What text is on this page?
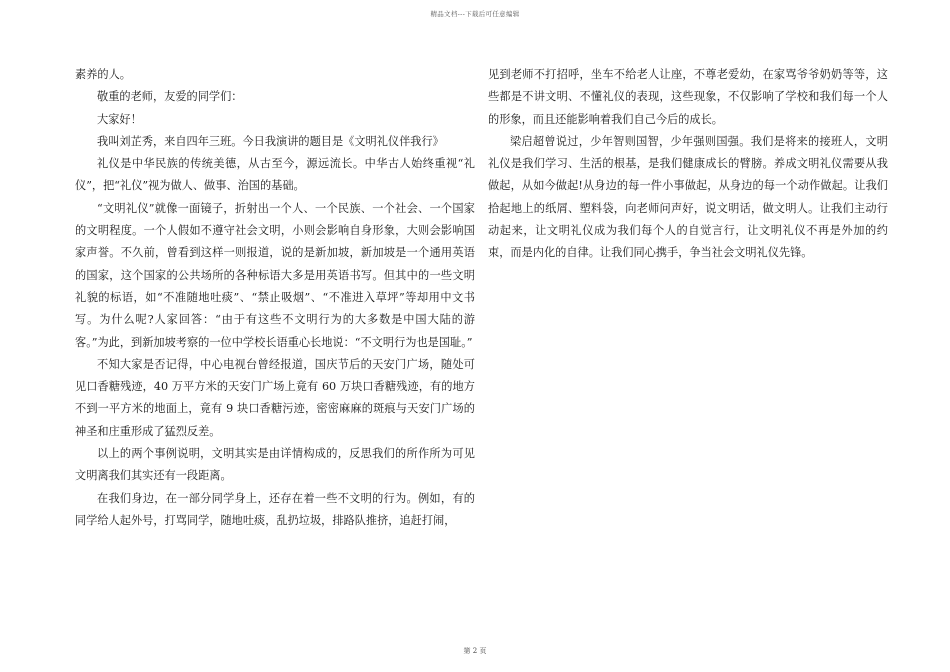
精品文档---下载后可任意编辑

素养的人。

敬重的老师，友爱的同学们：

大家好！

我叫刘芷秀，来自四年三班。今日我演讲的题目是《文明礼仪伴我行》

礼仪是中华民族的传统美德，从古至今，源远流长。中华古人始终重视“礼仪”，把“礼仪”视为做人、做事、治国的基础。

“文明礼仪”就像一面镜子，折射出一个人、一个民族、一个社会、一个国家的文明程度。一个人假如不遵守社会文明，小则会影响自身形象，大则会影响国家声誉。不久前，曾看到这样一则报道，说的是新加坡，新加坡是一个通用英语的国家，这个国家的公共场所的各种标语大多是用英语书写。但其中的一些文明礼貌的标语，如“不准随地吐痰”、“禁止吸烟”、“不准进入草坪”等却用中文书写。为什么呢?人家回答：“由于有这些不文明行为的大多数是中国大陆的游客。”为此，到新加坡考察的一位中学校长语重心长地说：“不文明行为也是国耻。”

不知大家是否记得，中心电视台曾经报道，国庆节后的天安门广场，随处可见口香糖残迹，40 万平方米的天安门广场上竟有 60 万块口香糖残迹，有的地方不到一平方米的地面上，竟有 9 块口香糖污迹，密密麻麻的斑痕与天安门广场的神圣和庄重形成了猛烈反差。

以上的两个事例说明，文明其实是由详情构成的，反思我们的所作所为可见文明离我们其实还有一段距离。

在我们身边，在一部分同学身上，还存在着一些不文明的行为。例如，有的同学给人起外号，打骂同学，随地吐痰，乱扔垃圾，排路队推挤，追赶打闹，

见到老师不打招呼，坐车不给老人让座，不尊老爱幼，在家骂爷爷奶奶等等，这些都是不讲文明、不懂礼仪的表现，这些现象，不仅影响了学校和我们每一个人的形象，而且还能影响着我们自己今后的成长。

梁启超曾说过，少年智则国智，少年强则国强。我们是将来的接班人，文明礼仪是我们学习、生活的根基，是我们健康成长的臂膀。养成文明礼仪需要从我做起，从如今做起!从身边的每一件小事做起，从身边的每一个动作做起。让我们拾起地上的纸屑、塑料袋，向老师问声好，说文明话，做文明人。让我们主动行动起来，让文明礼仪成为我们每个人的自觉言行，让文明礼仪不再是外加的约束，而是内化的自律。让我们同心携手，争当社会文明礼仪先锋。

第 2 页
